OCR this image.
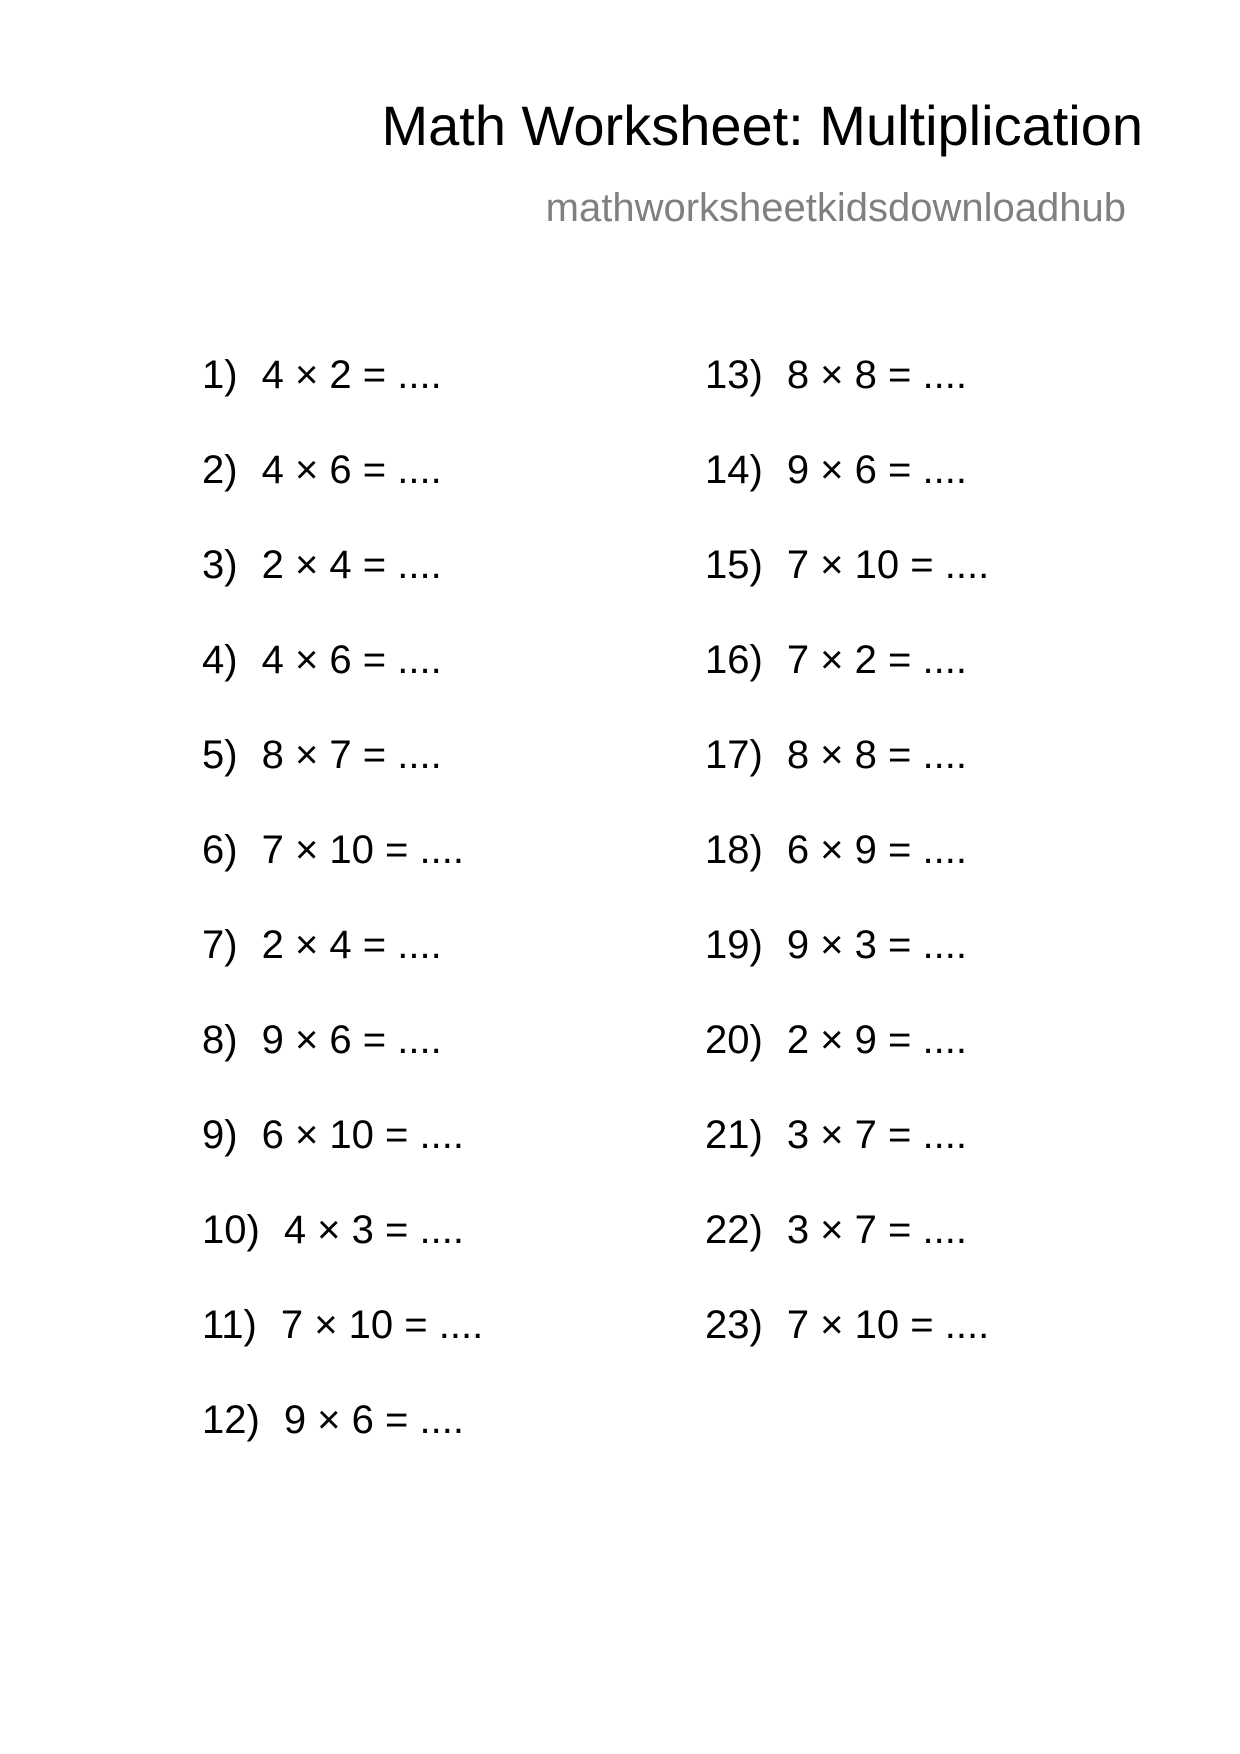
Math Worksheet: Multiplication
mathworksheetkidsdownloadhub
1) 4 × 2 = ....
2) 4 × 6 = ....
3) 2 × 4 = ....
4) 4 × 6 = ....
5) 8 × 7 = ....
6) 7 × 10 = ....
7) 2 × 4 = ....
8) 9 × 6 = ....
9) 6 × 10 = ....
10) 4 × 3 = ....
11) 7 × 10 = ....
12) 9 × 6 = ....
13) 8 × 8 = ....
14) 9 × 6 = ....
15) 7 × 10 = ....
16) 7 × 2 = ....
17) 8 × 8 = ....
18) 6 × 9 = ....
19) 9 × 3 = ....
20) 2 × 9 = ....
21) 3 × 7 = ....
22) 3 × 7 = ....
23) 7 × 10 = ....
